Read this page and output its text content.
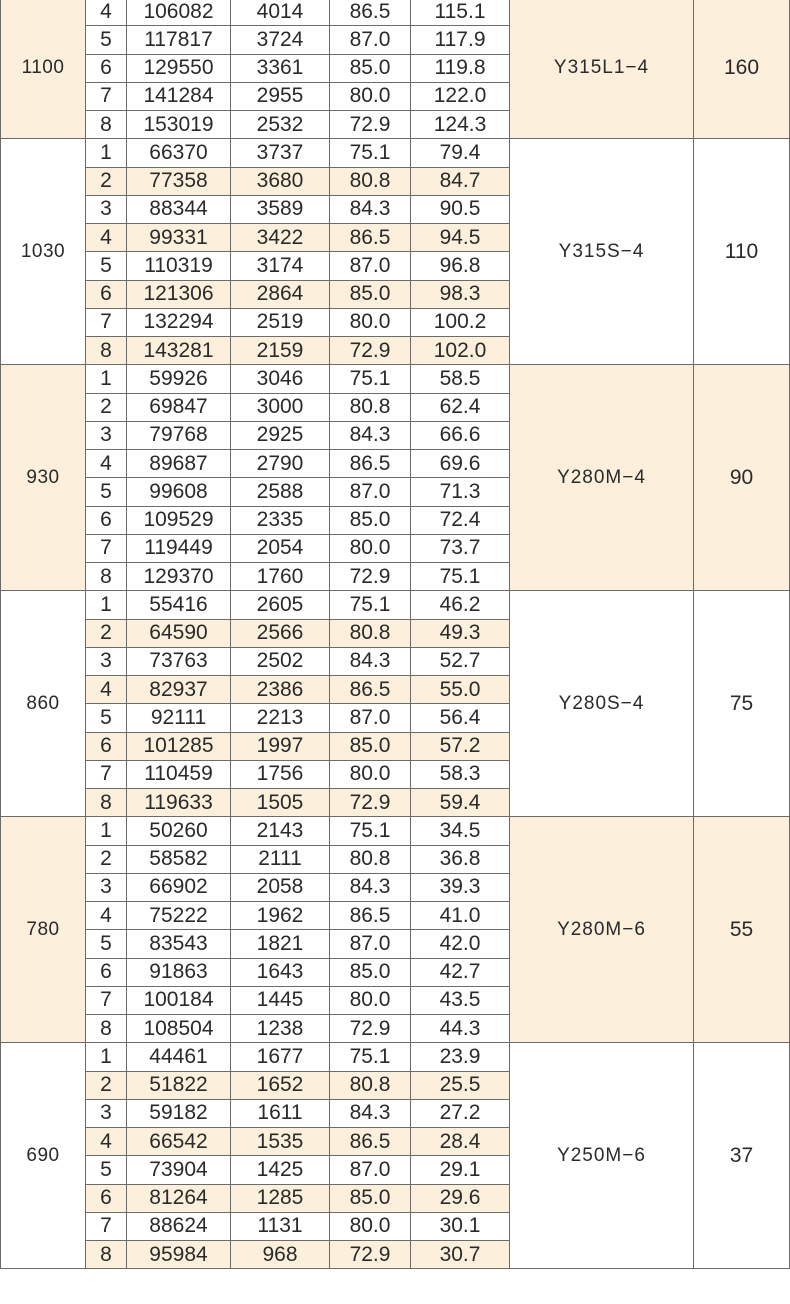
1100	4	106082	4014	86.5	115.1	Y315L1−4	160
	5	117817	3724	87.0	117.9		
	6	129550	3361	85.0	119.8		
	7	141284	2955	80.0	122.0		
	8	153019	2532	72.9	124.3		
1030	1	66370	3737	75.1	79.4	Y315S−4	110
	2	77358	3680	80.8	84.7		
	3	88344	3589	84.3	90.5		
	4	99331	3422	86.5	94.5		
	5	110319	3174	87.0	96.8		
	6	121306	2864	85.0	98.3		
	7	132294	2519	80.0	100.2		
	8	143281	2159	72.9	102.0		
930	1	59926	3046	75.1	58.5	Y280M−4	90
	2	69847	3000	80.8	62.4		
	3	79768	2925	84.3	66.6		
	4	89687	2790	86.5	69.6		
	5	99608	2588	87.0	71.3		
	6	109529	2335	85.0	72.4		
	7	119449	2054	80.0	73.7		
	8	129370	1760	72.9	75.1		
860	1	55416	2605	75.1	46.2	Y280S−4	75
	2	64590	2566	80.8	49.3		
	3	73763	2502	84.3	52.7		
	4	82937	2386	86.5	55.0		
	5	92111	2213	87.0	56.4		
	6	101285	1997	85.0	57.2		
	7	110459	1756	80.0	58.3		
	8	119633	1505	72.9	59.4		
780	1	50260	2143	75.1	34.5	Y280M−6	55
	2	58582	2111	80.8	36.8		
	3	66902	2058	84.3	39.3		
	4	75222	1962	86.5	41.0		
	5	83543	1821	87.0	42.0		
	6	91863	1643	85.0	42.7		
	7	100184	1445	80.0	43.5		
	8	108504	1238	72.9	44.3		
690	1	44461	1677	75.1	23.9	Y250M−6	37
	2	51822	1652	80.8	25.5		
	3	59182	1611	84.3	27.2		
	4	66542	1535	86.5	28.4		
	5	73904	1425	87.0	29.1		
	6	81264	1285	85.0	29.6		
	7	88624	1131	80.0	30.1		
	8	95984	968	72.9	30.7		
